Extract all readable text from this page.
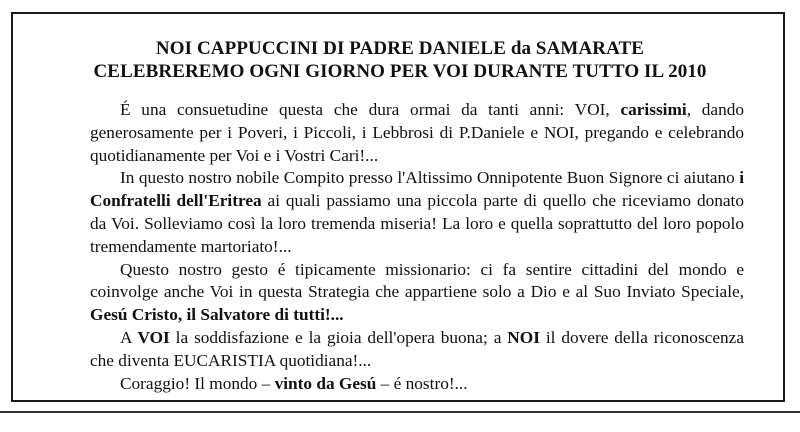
NOI CAPPUCCINI DI PADRE DANIELE da SAMARATE
CELEBREREMO OGNI GIORNO PER VOI DURANTE TUTTO IL 2010

É una consuetudine questa che dura ormai da tanti anni: VOI, carissimi, dando generosamente per i Poveri, i Piccoli, i Lebbrosi di P.Daniele e NOI, pregando e celebrando quotidianamente per Voi e i Vostri Cari!...

In questo nostro nobile Compito presso l'Altissimo Onnipotente Buon Signore ci aiutano i Confratelli dell'Eritrea ai quali passiamo una piccola parte di quello che riceviamo donato da Voi. Solleviamo così la loro tremenda miseria! La loro e quella soprattutto del loro popolo tremendamente martoriato!...

Questo nostro gesto é tipicamente missionario: ci fa sentire cittadini del mondo e coinvolge anche Voi in questa Strategia che appartiene solo a Dio e al Suo Inviato Speciale, Gesú Cristo, il Salvatore di tutti!...

A VOI la soddisfazione e la gioia dell'opera buona; a NOI il dovere della riconoscenza che diventa EUCARISTIA quotidiana!...

Coraggio! Il mondo – vinto da Gesú – é nostro!...
